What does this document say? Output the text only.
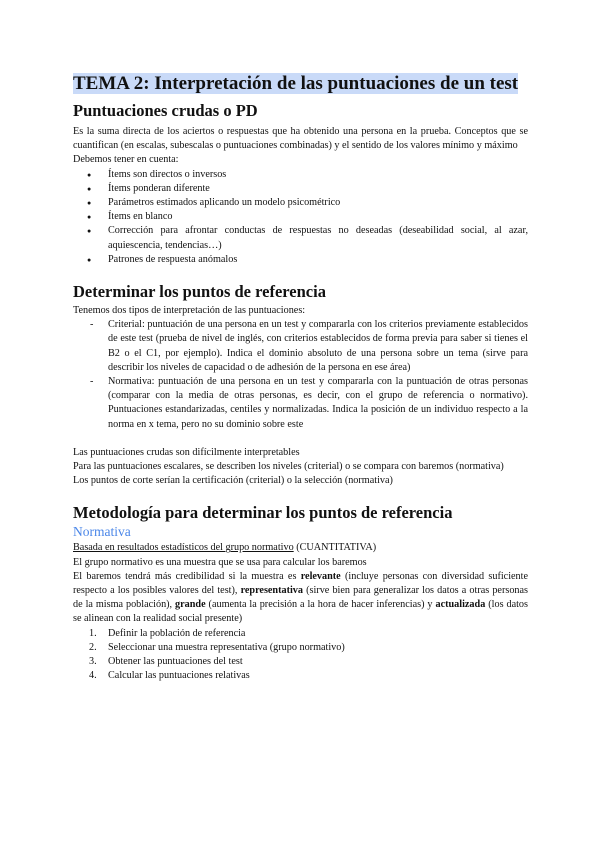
TEMA 2: Interpretación de las puntuaciones de un test
Puntuaciones crudas o PD

Es la suma directa de los aciertos o respuestas que ha obtenido una persona en la prueba. Conceptos que se cuantifican (en escalas, subescalas o puntuaciones combinadas) y el sentido de los valores mínimo y máximo

Debemos tener en cuenta:

● Ítems son directos o inversos
● Ítems ponderan diferente
● Parámetros estimados aplicando un modelo psicométrico
● Ítems en blanco
● Corrección para afrontar conductas de respuestas no deseadas (deseabilidad social, al azar, aquiescencia, tendencias…)
● Patrones de respuesta anómalos
Determinar los puntos de referencia

Tenemos dos tipos de interpretación de las puntuaciones:

- Criterial: puntuación de una persona en un test y compararla con los criterios previamente establecidos de este test (prueba de nivel de inglés, con criterios establecidos de forma previa para saber si tienes el B2 o el C1, por ejemplo). Indica el dominio absoluto de una persona sobre un tema (sirve para describir los niveles de capacidad o de adhesión de la persona en ese área)
- Normativa: puntuación de una persona en un test y compararla con la puntuación de otras personas (comparar con la media de otras personas, es decir, con el grupo de referencia o normativo). Puntuaciones estandarizadas, centiles y normalizadas. Indica la posición de un individuo respecto a la norma en x tema, pero no su dominio sobre este

Las puntuaciones crudas son difícilmente interpretables

Para las puntuaciones escalares, se describen los niveles (criterial) o se compara con baremos (normativa)

Los puntos de corte serían la certificación (criterial) o la selección (normativa)

Metodología para determinar los puntos de referencia
Normativa

Basada en resultados estadísticos del grupo normativo (CUANTITATIVA)

El grupo normativo es una muestra que se usa para calcular los baremos

El baremos tendrá más credibilidad si la muestra es relevante (incluye personas con diversidad suficiente respecto a los posibles valores del test), representativa (sirve bien para generalizar los datos a otras personas de la misma población), grande (aumenta la precisión a la hora de hacer inferencias) y actualizada (los datos se alinean con la realidad social presente)

1. Definir la población de referencia
2. Seleccionar una muestra representativa (grupo normativo)
3. Obtener las puntuaciones del test
4. Calcular las puntuaciones relativas
